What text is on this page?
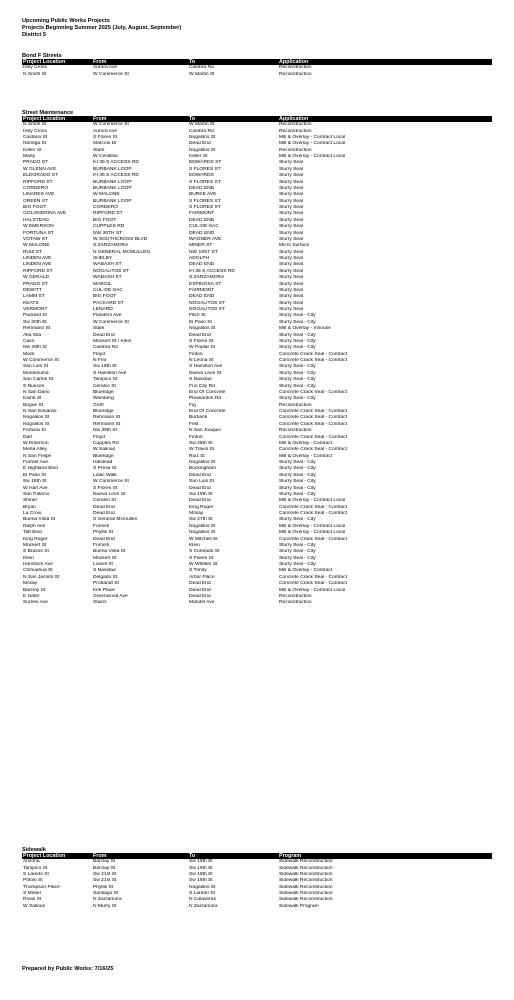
Upcoming Public Works Projects
Projects Beginning Summer 2025 (July, August, September)
District 5
Bond F Streets
Project Location	From	To	Application
Holy Cross	Aurora Ave	Culebra Rd	Reconstruction
N Smith St	W Commerce St	W Martin St	Reconstruction
Street Maintenance
Project Location	From	To	Application
N Smith St	W Commerce St	W Martin St	Reconstruction
Holy Cross	Aurora Ave	Culebra Rd	Reconstruction
Castano St	S Flores St	Nogalitos St	Mill & Overlay - Contract Local
Noriega St	Marconi Dr	Dead End	Mill & Overlay - Contract Local
Keller St	Stark	Nogalitos St	Reconstruction
Marty	W Cevallos	Keller St	Mill & Overlay - Contract Local
PRADO ST	IH 35 S ACCESS RD	EDWARDS ST	Slurry Seal
W GLENN AVE	BURBANK LOOP	S FLORES ST	Slurry Seal
ELDORADO ST	IH 35 S ACCESS RD	EDWARDS	Slurry Seal
RIPFORD ST	BURBANK LOOP	S FLORES ST	Slurry Seal
CORDERO	BURBANK LOOP	DEAD END	Slurry Seal
LINARES AVE	W MALONE	BURKE AVE	Slurry Seal
GREEN ST	BURBANK LOOP	S FLORES ST	Slurry Seal
BIG FOOT	CORDERO	S FLORES ST	Slurry Seal
GOLONDRINA AVE	RIPFORD ST	FAIRMONT	Slurry Seal
HALSTEAD	BIG FOOT	DEAD END	Slurry Seal
W EMERSON	CUPPLES RD	CUL-DE-SAC	Slurry Seal
FORTUNA ST	NW 36TH ST	DEAD END	Slurry Seal
VOTAW ST	W SOUTHCROSS BLVD	WAGNER AVE	Slurry Seal
W MALONE	S ZARZAMORA	MINER ST	Micro Surface
RUIZ ST	N GENERAL MCMULLEN	NW 19ST ST	Slurry Seal
LINDEN AVE	SHELBY	ADOLPH	Slurry Seal
LINDEN AVE	WABASH ST	DEAD END	Slurry Seal
RIPFORD ST	NOGALITOS ST	IH 35 S ACCESS RD	Slurry Seal
W GERALD	WABASH ST	S ZARZAMORA	Slurry Seal
PRADO ST	MARGIL	ESPINOSA ST	Slurry Seal
DEWITT	CUL-DE-SAC	FAIRMONT	Slurry Seal
LAMM ST	BIG FOOT	DEAD END	Slurry Seal
KEATS	PACKARD ST	NOGALITOS ST	Slurry Seal
VERMONT	LENARD	NOGALITOS ST	Slurry Seal
Packard St	Flanders Ave	Fitch St	Slurry Seal - City
Sw 30th St	W Commerce St	El Paso St	Slurry Seal - City
Rehmann St	Stark	Nogalitos St	Mill & Overlay - Inhouse
Alta Sita	Dead End	Dead End	Slurry Seal - City
Cass	Mockert St / Klein	S Flores St	Slurry Seal - City
Nw 28th St	Culebra Rd	W Poplar St	Slurry Seal - City
Mock	Floyd	Finton	Concrete Crack Seal - Contract
W Commerce St	N Frio	N Leona St	Concrete Crack Seal - Contract
San Luis St	Sw 18th St	S Hamilton Ave	Slurry Seal - City
Montezuma	S Hamilton Ave	Nueva Leon St	Slurry Seal - City
San Carlos St	Tampico St	S Navidad	Slurry Seal - City
S Nueces	Ceralvo St	Frio City Rd	Slurry Seal - City
N San Dario	Blueridge	End Of Concrete	Concrete Crack Seal - Contract
Kaine St	Weinberg	Pleasanton Rd	Slurry Seal - City
Bogue St	Groff	Fig	Reconstruction
N San Eduardo	Blueridge	End Of Concrete	Concrete Crack Seal - Contract
Nogalitos St	Rehmann St	Burbank	Concrete Crack Seal - Contract
Nogalitos St	Rehmann St	Fest	Concrete Crack Seal - Contract
Fortuna St	Nw 36th St	N San Joaquin	Reconstruction
Dart	Floyd	Finton	Concrete Crack Seal - Contract
W Emerson	Cupples Rd	Sw 28th St	Mill & Overlay - Contract
Merla Alley	W Salinas	W Travis St	Concrete Crack Seal - Contract
N San Felipe	Blueridge	Ruiz St	Mill & Overlay - Contract
Forrest Ave	Halstead	Nogalitos St	Slurry Seal - City
E Highland Blvd	S Presa St	Buckingham	Slurry Seal - City
El Paso St	Lulac Walk	Dead End	Slurry Seal - City
Sw 18th St	W Commerce St	San Luis St	Slurry Seal - City
W Hart Ave	S Flores St	Dead End	Slurry Seal - City
San Patricio	Nueva Leon St	Sw 19th St	Slurry Seal - City
Shiner	Ceralvo St	Dead End	Mill & Overlay - Contract Local
Bryan	Dead End	King Roger	Concrete Crack Seal - Contract
La Croix	Dead End	Mckay	Concrete Crack Seal - Contract
Buena Vista St	S General Mcmullen	Sw 27th St	Slurry Seal - City
Ralph Ave	Furnish	Nogalitos St	Mill & Overlay - Contract Local
Taft Blvd	Phyllis St	Nogalitos St	Mill & Overlay - Contract Local
King Roger	Dead End	W Mitchell St	Concrete Crack Seal - Contract
Mockert St	Furnish	Klein	Slurry Seal - City
S Brazos St	Buena Vista St	S Colorado St	Slurry Seal - City
Klein	Mockert St	S Flores St	Slurry Seal - City
Hunstock Ave	Lowell St	W Whittier St	Slurry Seal - City
Chihuahua St	S Navidad	S Trinity	Mill & Overlay - Contract
N San Jacinto St	Delgado St	Arbor Place	Concrete Crack Seal - Contract
Mckay	Probandt St	Dead End	Concrete Crack Seal - Contract
Barclay St	Kirk Place	Dead End	Mill & Overlay - Contract Local
E Hafer	Greenwood Ave	Dead End	Reconstruction
Surreis Ave	Stains	Maridel Ave	Reconstruction
Sidewalk
Project Location	From	To	Program
Arizona	Barclay St	Sw 19th St	Sidewalk Reconstruction
Tampico St	Barclay St	Sw 19th St	Sidewalk Reconstruction
S Laredo St	Sw 21st St	Sw 19th St	Sidewalk Reconstruction
Potosi St	Sw 21st St	Sw 19th St	Sidewalk Reconstruction
Thompson Place	Phyllis St	Nogalitos St	Sidewalk Reconstruction
S Minter	Santiago St	S Laredo St	Sidewalk Reconstruction
Rivas St	N Zarzamora	N Calaveras	Sidewalk Reconstruction
W Salinas	N Murry St	N Zarzamora	Sidewalk Program
Prepared by Public Works: 7/16/25
